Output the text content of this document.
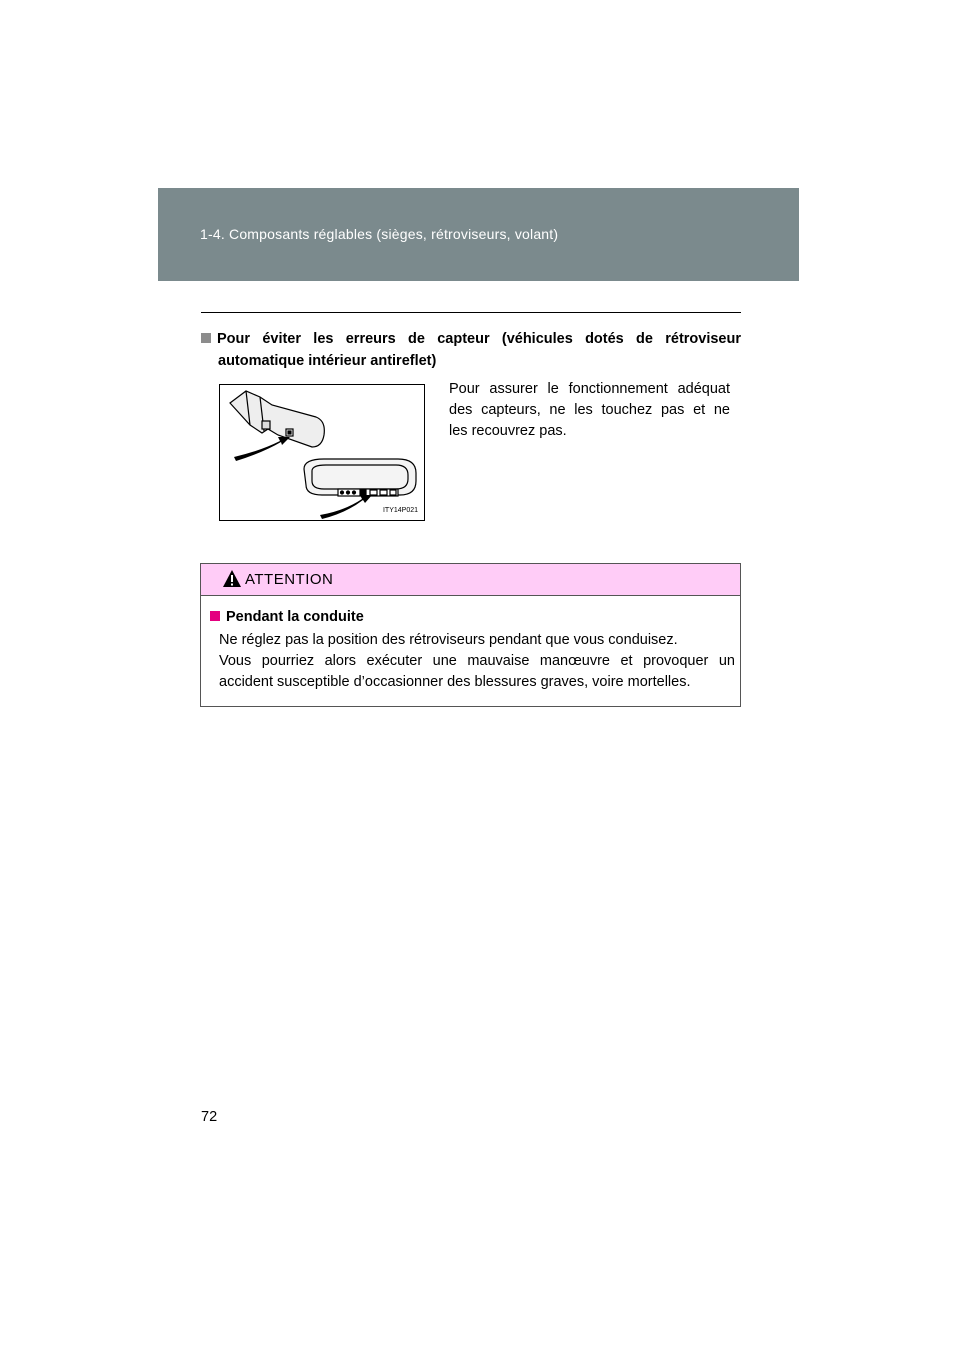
1-4. Composants réglables (sièges, rétroviseurs, volant)
Pour éviter les erreurs de capteur (véhicules dotés de rétroviseur
automatique intérieur antireflet)
ITY14P021
Pour assurer le fonctionnement adéquat
des capteurs, ne les touchez pas et ne
les recouvrez pas.
ATTENTION
Pendant la conduite
Ne réglez pas la position des rétroviseurs pendant que vous conduisez.
Vous pourriez alors exécuter une mauvaise manœuvre et provoquer un
accident susceptible d’occasionner des blessures graves, voire mortelles.
72
